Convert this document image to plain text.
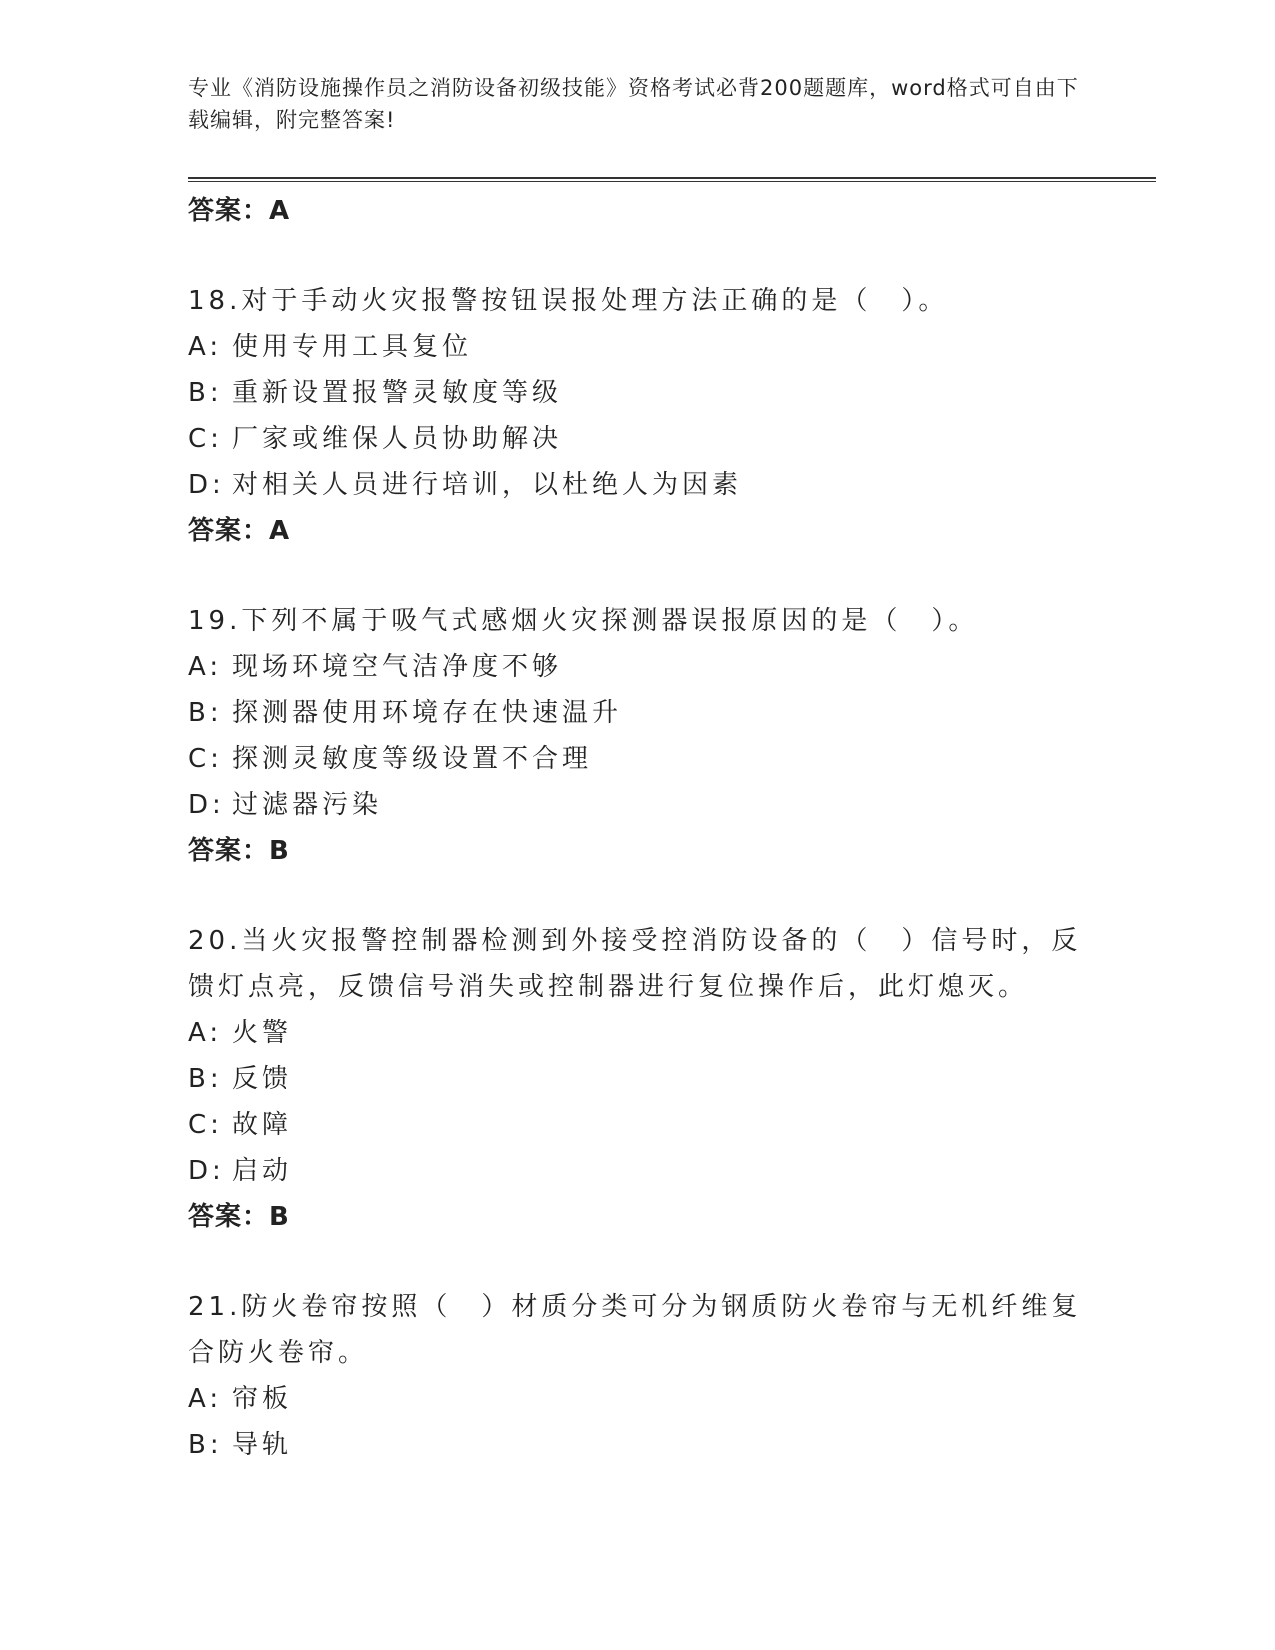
专业《消防设施操作员之消防设备初级技能》资格考试必背200题题库，word格式可自由下载编辑，附完整答案!
答案：A
18.对于手动火灾报警按钮误报处理方法正确的是（　）。
A: 使用专用工具复位
B: 重新设置报警灵敏度等级
C: 厂家或维保人员协助解决
D: 对相关人员进行培训，以杜绝人为因素
答案：A
19.下列不属于吸气式感烟火灾探测器误报原因的是（　）。
A: 现场环境空气洁净度不够
B: 探测器使用环境存在快速温升
C: 探测灵敏度等级设置不合理
D: 过滤器污染
答案：B
20.当火灾报警控制器检测到外接受控消防设备的（　）信号时，反馈灯点亮，反馈信号消失或控制器进行复位操作后，此灯熄灭。
A: 火警
B: 反馈
C: 故障
D: 启动
答案：B
21.防火卷帘按照（　）材质分类可分为钢质防火卷帘与无机纤维复合防火卷帘。
A: 帘板
B: 导轨
